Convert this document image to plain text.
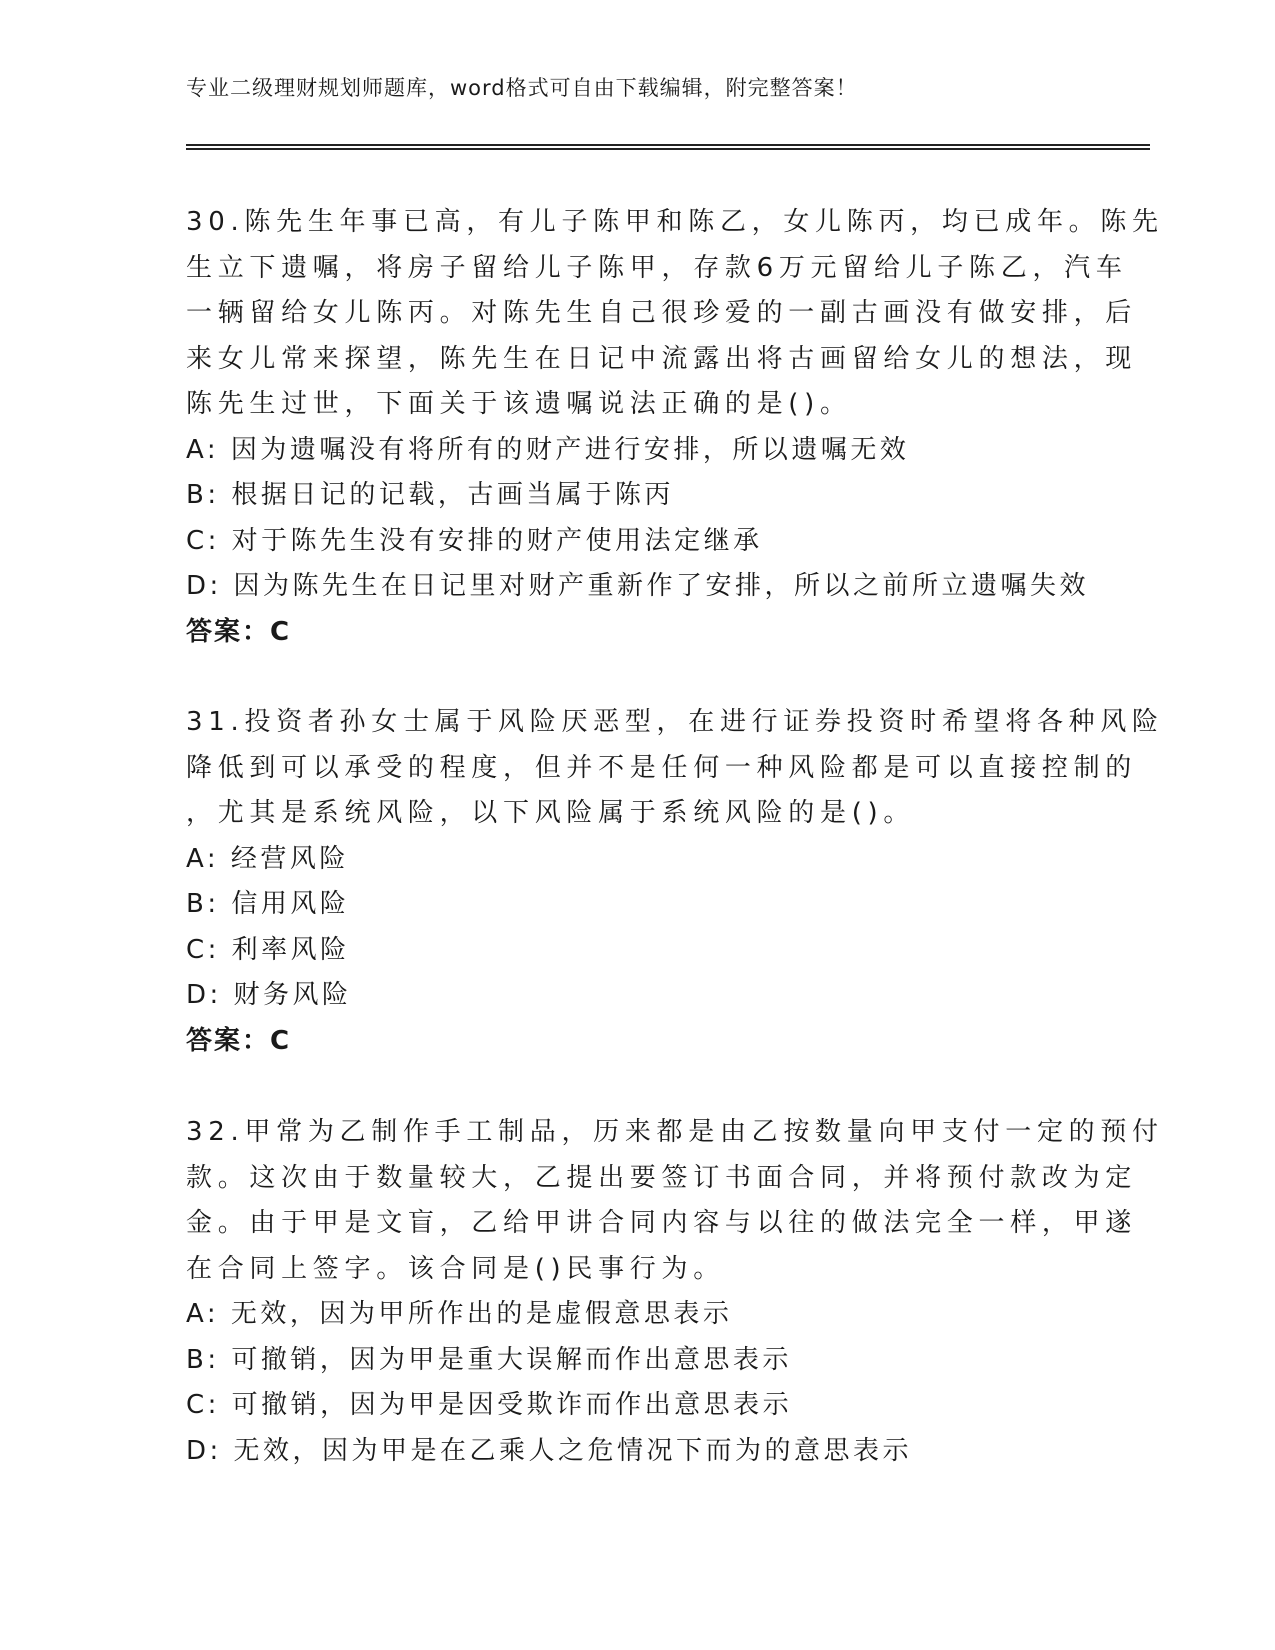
专业二级理财规划师题库，word格式可自由下载编辑，附完整答案！
30.陈先生年事已高，有儿子陈甲和陈乙，女儿陈丙，均已成年。陈先
生立下遗嘱，将房子留给儿子陈甲，存款6万元留给儿子陈乙，汽车
一辆留给女儿陈丙。对陈先生自己很珍爱的一副古画没有做安排，后
来女儿常来探望，陈先生在日记中流露出将古画留给女儿的想法，现
陈先生过世，下面关于该遗嘱说法正确的是()。
A: 因为遗嘱没有将所有的财产进行安排，所以遗嘱无效
B: 根据日记的记载，古画当属于陈丙
C: 对于陈先生没有安排的财产使用法定继承
D: 因为陈先生在日记里对财产重新作了安排，所以之前所立遗嘱失效
答案：C
31.投资者孙女士属于风险厌恶型，在进行证券投资时希望将各种风险
降低到可以承受的程度，但并不是任何一种风险都是可以直接控制的
，尤其是系统风险，以下风险属于系统风险的是()。
A: 经营风险
B: 信用风险
C: 利率风险
D: 财务风险
答案：C
32.甲常为乙制作手工制品，历来都是由乙按数量向甲支付一定的预付
款。这次由于数量较大，乙提出要签订书面合同，并将预付款改为定
金。由于甲是文盲，乙给甲讲合同内容与以往的做法完全一样，甲遂
在合同上签字。该合同是()民事行为。
A: 无效，因为甲所作出的是虚假意思表示
B: 可撤销，因为甲是重大误解而作出意思表示
C: 可撤销，因为甲是因受欺诈而作出意思表示
D: 无效，因为甲是在乙乘人之危情况下而为的意思表示
